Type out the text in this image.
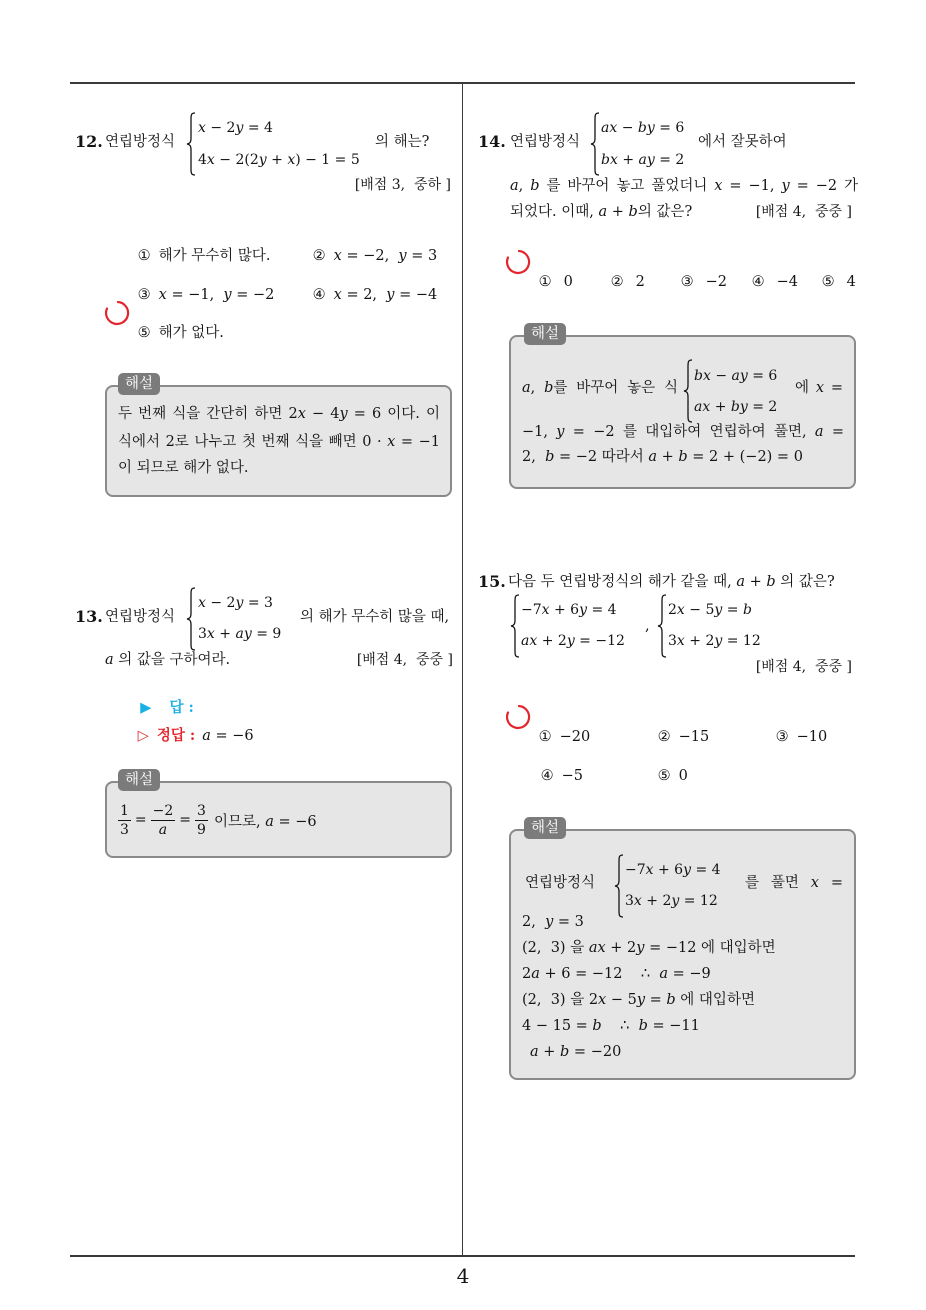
4
12. 연립방정식
x − 2y = 4
4x − 2(2y + x) − 1 = 5
의 해는?
[배점 3,  중하 ]

① 해가 무수히 많다.
	② x = −2,  y = 3

③ x = −1,  y = −2
	④ x = 2,  y = −4

⑤ 해가 없다.

해설
두 번째 식을 간단히 하면 2x − 4y = 6 이다. 이
식에서 2로 나누고 첫 번째 식을 빼면 0 · x = −1
이 되므로 해가 없다.
13. 연립방정식
x − 2y = 3
3x + ay = 9
의 해가 무수히 많을 때,
a 의 값을 구하여라.	[배점 4,  중중 ]

▶ 답 :

▷ 정답 : a = −6

해설
$\frac{1}{3} = \frac{-2}{a} = \frac{3}{9}$ 이므로, a = −6
14. 연립방정식
ax − by = 6
bx + ay = 2
에서 잘못하여
a, b 를 바꾸어 놓고 풀었더니 x = −1, y = −2 가
되었다. 이때, a + b의 값은?	[배점 4,  중중 ]

① 0
	② 2
	③ −2
	④ −4
	⑤ 4

해설
a, b를 바꾸어 놓은 식
bx − ay = 6
ax + by = 2
에 x =
−1, y = −2 를 대입하여 연립하여 풀면, a =
2,  b = −2 따라서 a + b = 2 + (−2) = 0
15. 다음 두 연립방정식의 해가 같을 때, a + b 의 값은?
−7x + 6y = 4
ax + 2y = −12
,
2x − 5y = b
3x + 2y = 12
[배점 4,  중중 ]

① −20
	② −15
	③ −10

④ −5
	⑤ 0

해설
연립방정식
−7x + 6y = 4
3x + 2y = 12
를 풀면 x =
2,  y = 3
(2,  3) 을 ax + 2y = −12 에 대입하면
2a + 6 = −12    ∴  a = −9
(2,  3) 을 2x − 5y = b 에 대입하면
4 − 15 = b    ∴  b = −11
a + b = −20
